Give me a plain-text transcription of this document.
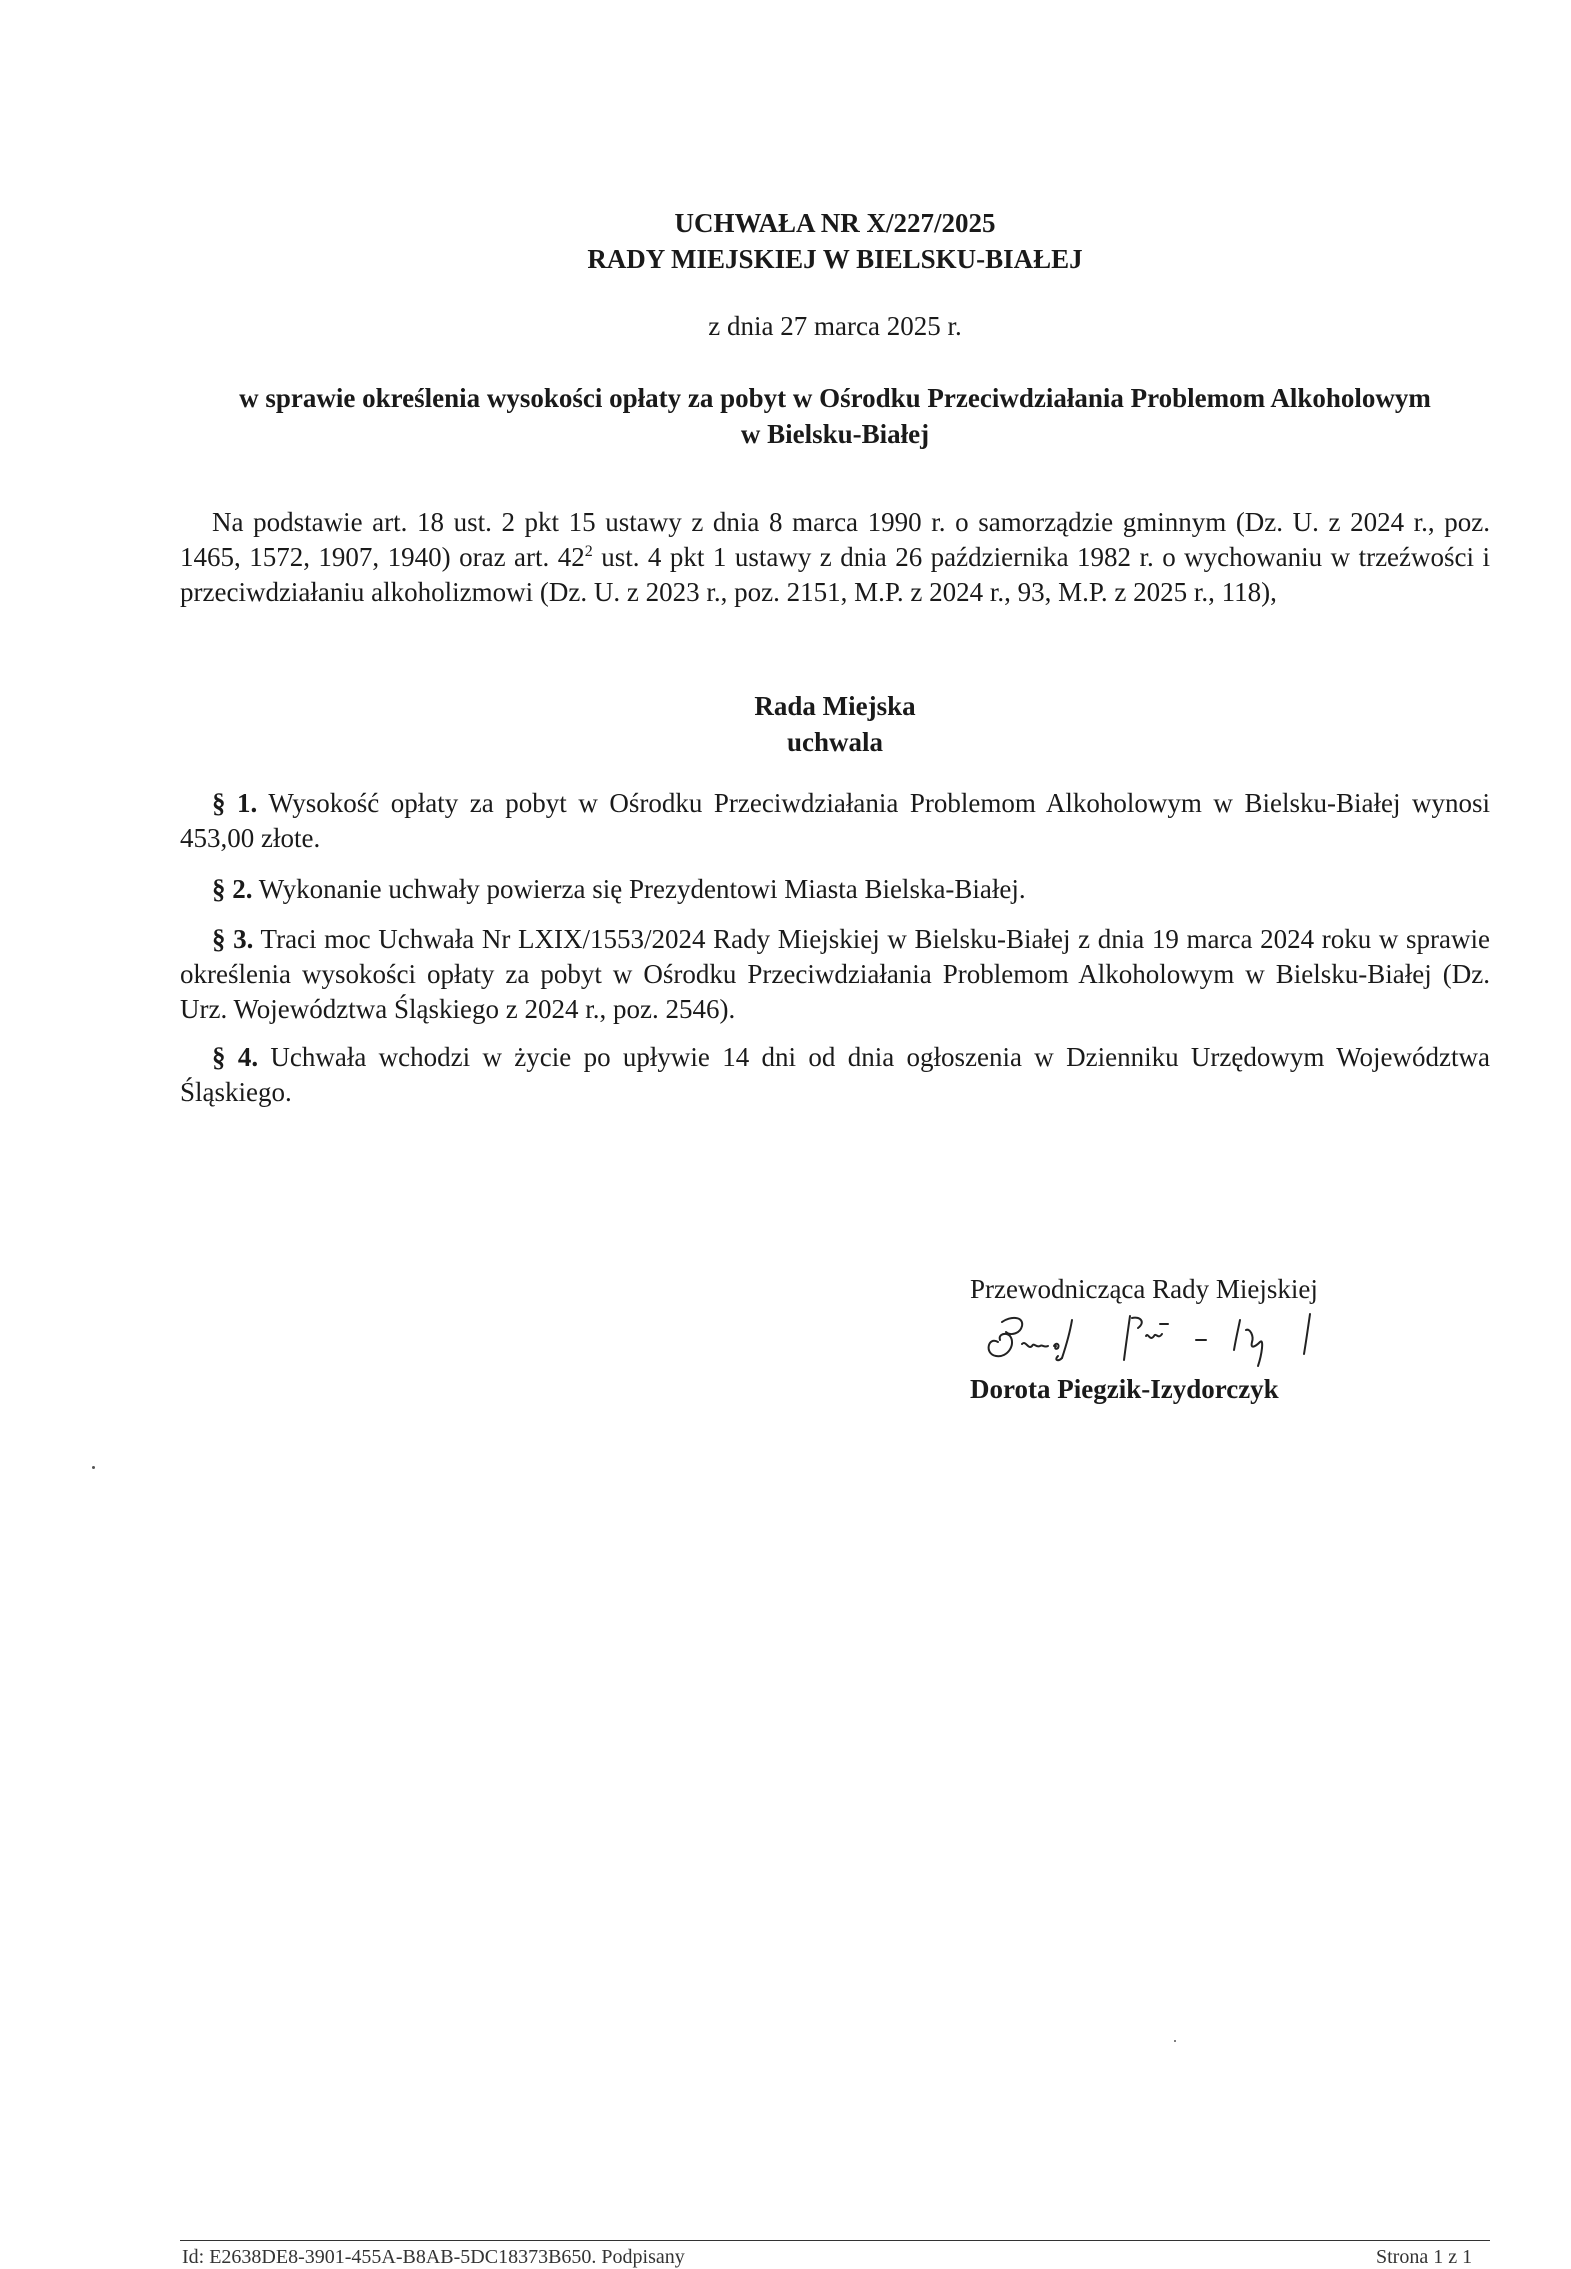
UCHWAŁA NR X/227/2025
RADY MIEJSKIEJ W BIELSKU-BIAŁEJ
z dnia 27 marca 2025 r.
w sprawie określenia wysokości opłaty za pobyt w Ośrodku Przeciwdziałania Problemom Alkoholowym
w Bielsku-Białej
Na podstawie art. 18 ust. 2 pkt 15 ustawy z dnia 8 marca 1990 r. o samorządzie gminnym (Dz. U. z 2024 r., poz. 1465, 1572, 1907, 1940) oraz art. $42^2$ ust. 4 pkt 1 ustawy z dnia 26 października 1982 r. o wychowaniu w trzeźwości i przeciwdziałaniu alkoholizmowi (Dz. U. z 2023 r., poz. 2151, M.P. z 2024 r., 93, M.P. z 2025 r., 118),
Rada Miejska
uchwala
§ 1. Wysokość opłaty za pobyt w Ośrodku Przeciwdziałania Problemom Alkoholowym w Bielsku-Białej wynosi 453,00 złote.
§ 2. Wykonanie uchwały powierza się Prezydentowi Miasta Bielska-Białej.
§ 3. Traci moc Uchwała Nr LXIX/1553/2024 Rady Miejskiej w Bielsku-Białej z dnia 19 marca 2024 roku w sprawie określenia wysokości opłaty za pobyt w Ośrodku Przeciwdziałania Problemom Alkoholowym w Bielsku-Białej (Dz. Urz. Województwa Śląskiego z 2024 r., poz. 2546).
§ 4. Uchwała wchodzi w życie po upływie 14 dni od dnia ogłoszenia w Dzienniku Urzędowym Województwa Śląskiego.
Przewodnicząca Rady Miejskiej
Dorota Piegzik-Izydorczyk
Id: E2638DE8-3901-455A-B8AB-5DC18373B650. Podpisany	Strona 1 z 1
